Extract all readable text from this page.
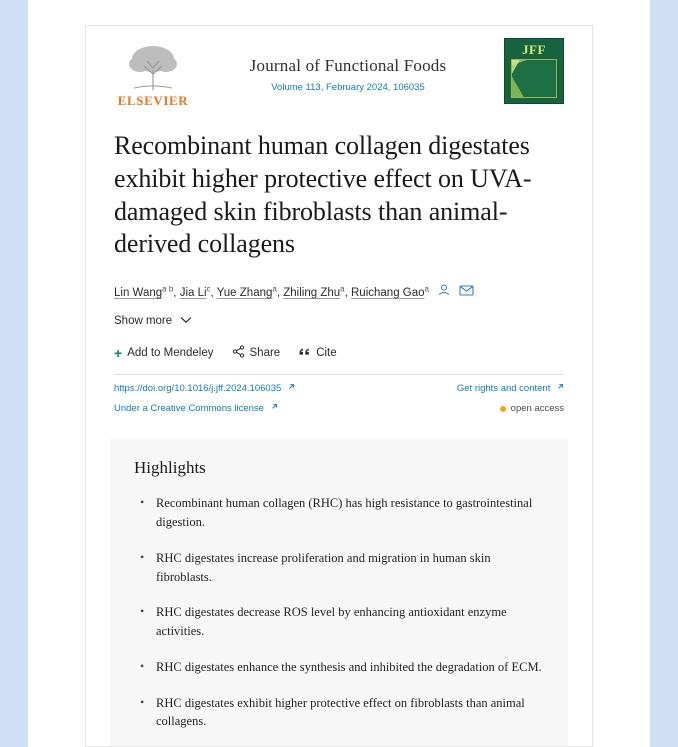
ELSEVIER
Journal of Functional Foods
Volume 113, February 2024, 106035
JFF
Recombinant human collagen digestates exhibit higher protective effect on UVA-damaged skin fibroblasts than animal-derived collagens
Lin Wang$^{a b}$, Jia Li$^c$, Yue Zhang$^a$, Zhiling Zhu$^a$, Ruichang Gao$^a$
Show more
+ Add to Mendeley	Share	Cite
https://doi.org/10.1016/j.jff.2024.106035	Get rights and content
Under a Creative Commons license	open access
Highlights
• Recombinant human collagen (RHC) has high resistance to gastrointestinal digestion.
• RHC digestates increase proliferation and migration in human skin fibroblasts.
• RHC digestates decrease ROS level by enhancing antioxidant enzyme activities.
• RHC digestates enhance the synthesis and inhibited the degradation of ECM.
• RHC digestates exhibit higher protective effect on fibroblasts than animal collagens.
